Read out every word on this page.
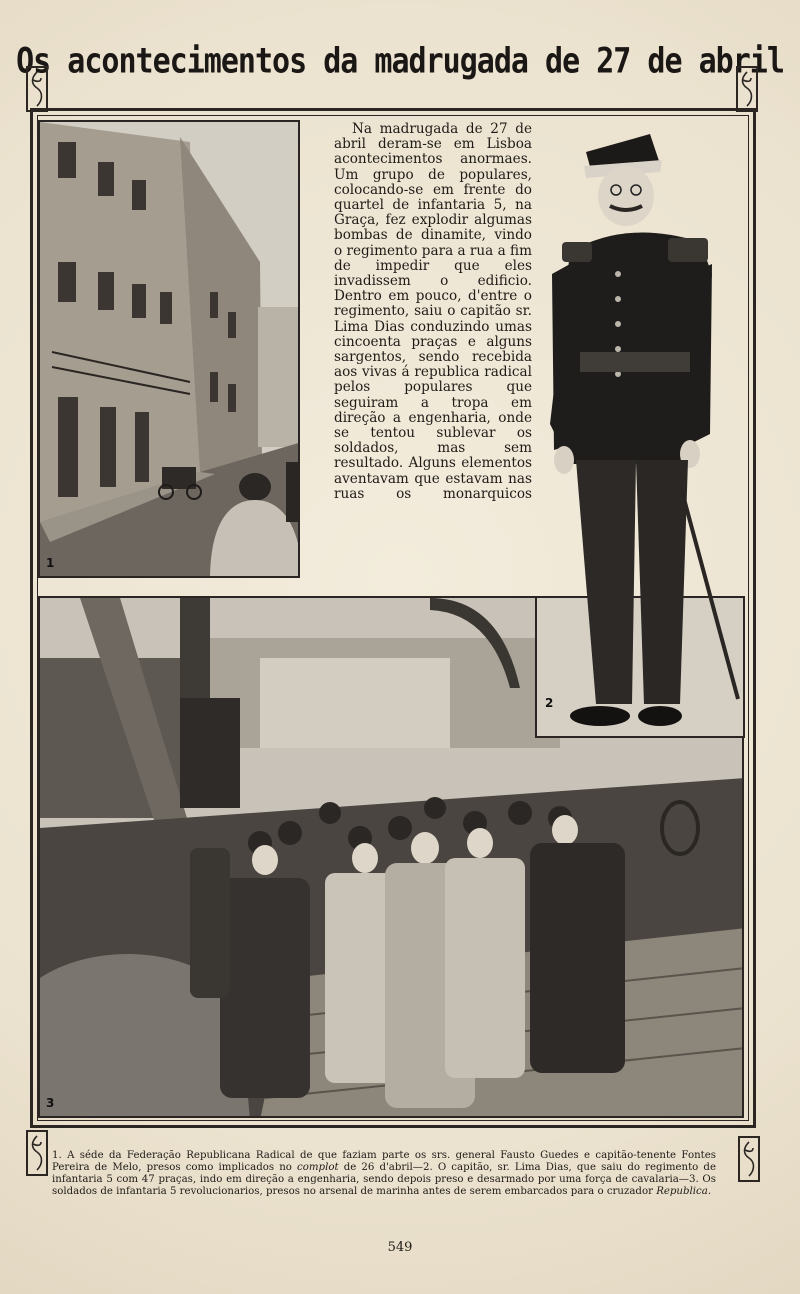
Os acontecimentos da madrugada de 27 de abril
1

Na madrugada de 27 de abril deram-se em Lisboa acontecimentos anormaes. Um grupo de populares, colocando-se em frente do quartel de infantaria 5, na Graça, fez explodir algumas bombas de dinamite, vindo o regimento para a rua a fim de impedir que eles invadissem o edificio. Dentro em pouco, d'entre o regimento, saiu o capitão sr. Lima Dias conduzindo umas cincoenta praças e alguns sargentos, sendo recebida aos vivas á republica radical pelos populares que seguiram a tropa em direção a engenharia, onde se tentou sublevar os soldados, mas sem resultado. Alguns elementos aventavam que estavam nas ruas os monarquicos

3
2
1. A séde da Federação Republicana Radical de que faziam parte os srs. general Fausto Guedes e capitão-tenente Fontes Pereira de Melo, presos como implicados no complot de 26 d'abril—2. O capitão, sr. Lima Dias, que saiu do regimento de infantaria 5 com 47 praças, indo em direção a engenharia, sendo depois preso e desarmado por uma força de cavalaria—3. Os soldados de infantaria 5 revolucionarios, presos no arsenal de marinha antes de serem embarcados para o cruzador Republica.
549
